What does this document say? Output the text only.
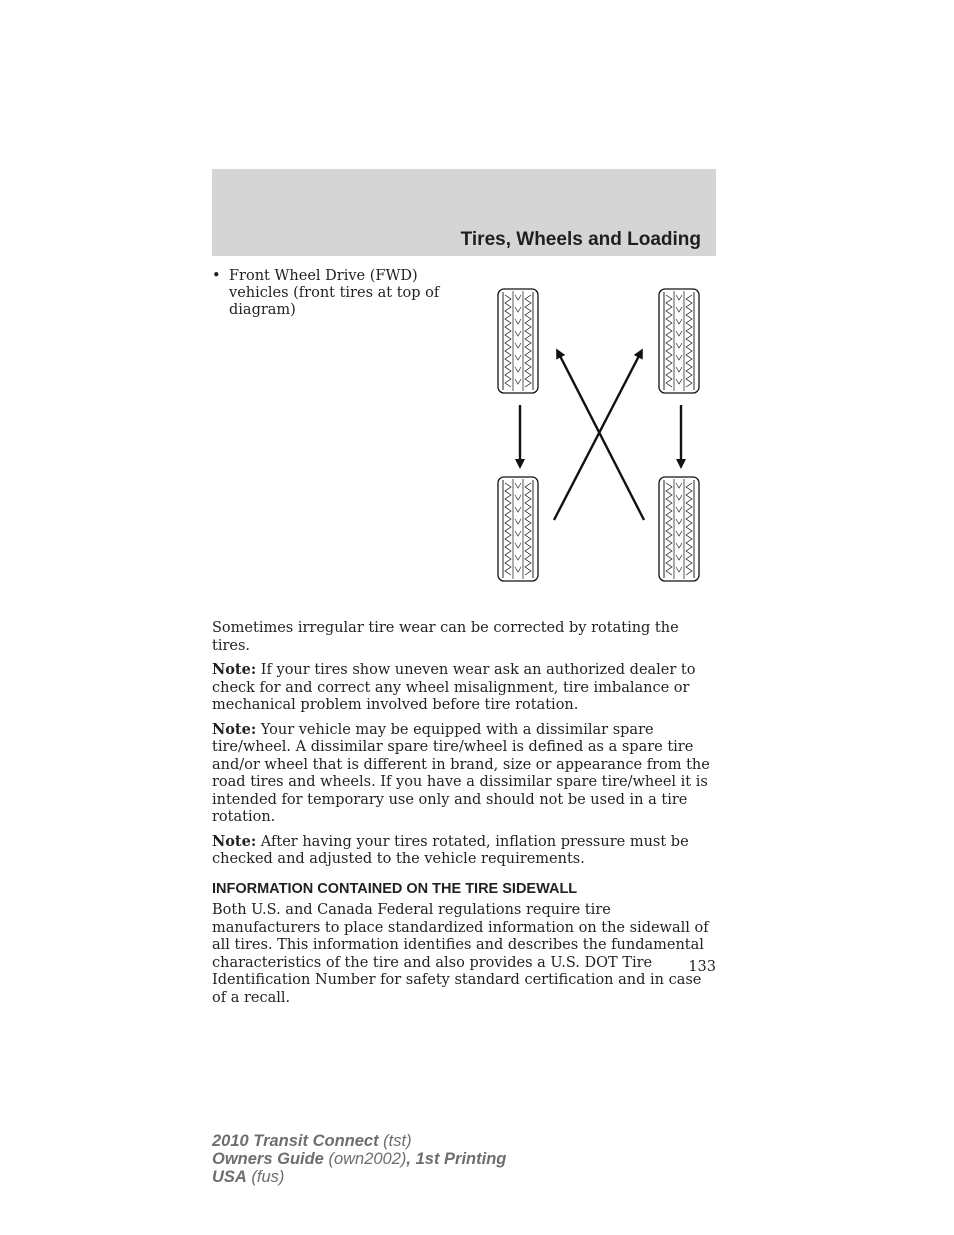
Tires, Wheels and Loading
• Front Wheel Drive (FWD) vehicles (front tires at top of diagram)

Sometimes irregular tire wear can be corrected by rotating the tires.

Note: If your tires show uneven wear ask an authorized dealer to check for and correct any wheel misalignment, tire imbalance or mechanical problem involved before tire rotation.

Note: Your vehicle may be equipped with a dissimilar spare tire/wheel. A dissimilar spare tire/wheel is defined as a spare tire and/or wheel that is different in brand, size or appearance from the road tires and wheels. If you have a dissimilar spare tire/wheel it is intended for temporary use only and should not be used in a tire rotation.

Note: After having your tires rotated, inflation pressure must be checked and adjusted to the vehicle requirements.

INFORMATION CONTAINED ON THE TIRE SIDEWALL

Both U.S. and Canada Federal regulations require tire manufacturers to place standardized information on the sidewall of all tires. This information identifies and describes the fundamental characteristics of the tire and also provides a U.S. DOT Tire Identification Number for safety standard certification and in case of a recall.

133
2010 Transit Connect (tst)
Owners Guide (own2002), 1st Printing
USA (fus)
